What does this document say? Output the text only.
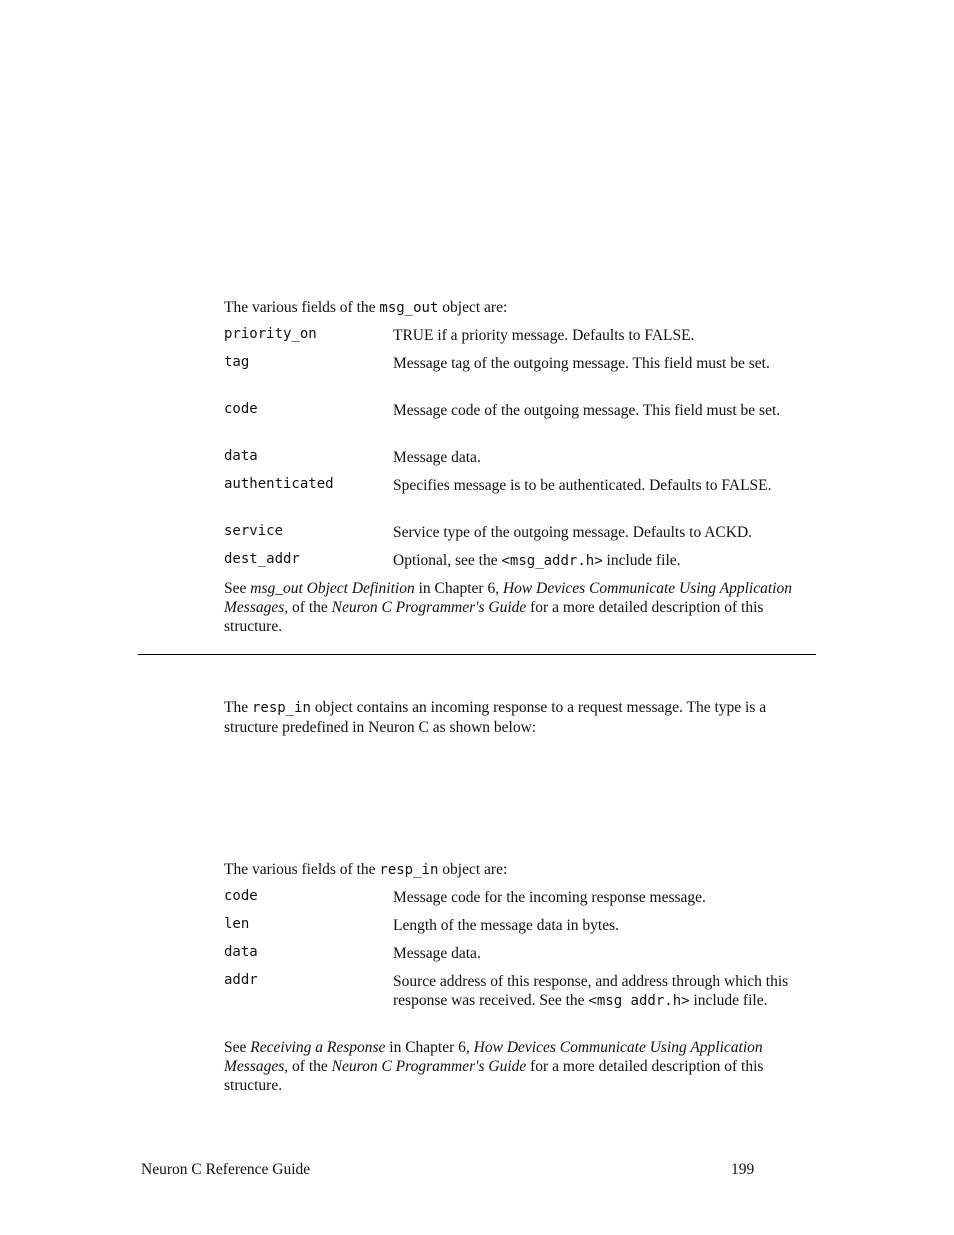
The various fields of the msg_out object are:
priority_on	TRUE if a priority message. Defaults to FALSE.
tag	Message tag of the outgoing message. This field must be set.
code	Message code of the outgoing message. This field must be set.
data	Message data.
authenticated	Specifies message is to be authenticated. Defaults to FALSE.
service	Service type of the outgoing message. Defaults to ACKD.
dest_addr	Optional, see the <msg_addr.h> include file.
See msg_out Object Definition in Chapter 6, How Devices Communicate Using Application Messages, of the Neuron C Programmer's Guide for a more detailed description of this structure.
The resp_in object contains an incoming response to a request message. The type is a structure predefined in Neuron C as shown below:
The various fields of the resp_in object are:
code	Message code for the incoming response message.
len	Length of the message data in bytes.
data	Message data.
addr	Source address of this response, and address through which this response was received. See the <msg addr.h> include file.
See Receiving a Response in Chapter 6, How Devices Communicate Using Application Messages, of the Neuron C Programmer's Guide for a more detailed description of this structure.
Neuron C Reference Guide	199
